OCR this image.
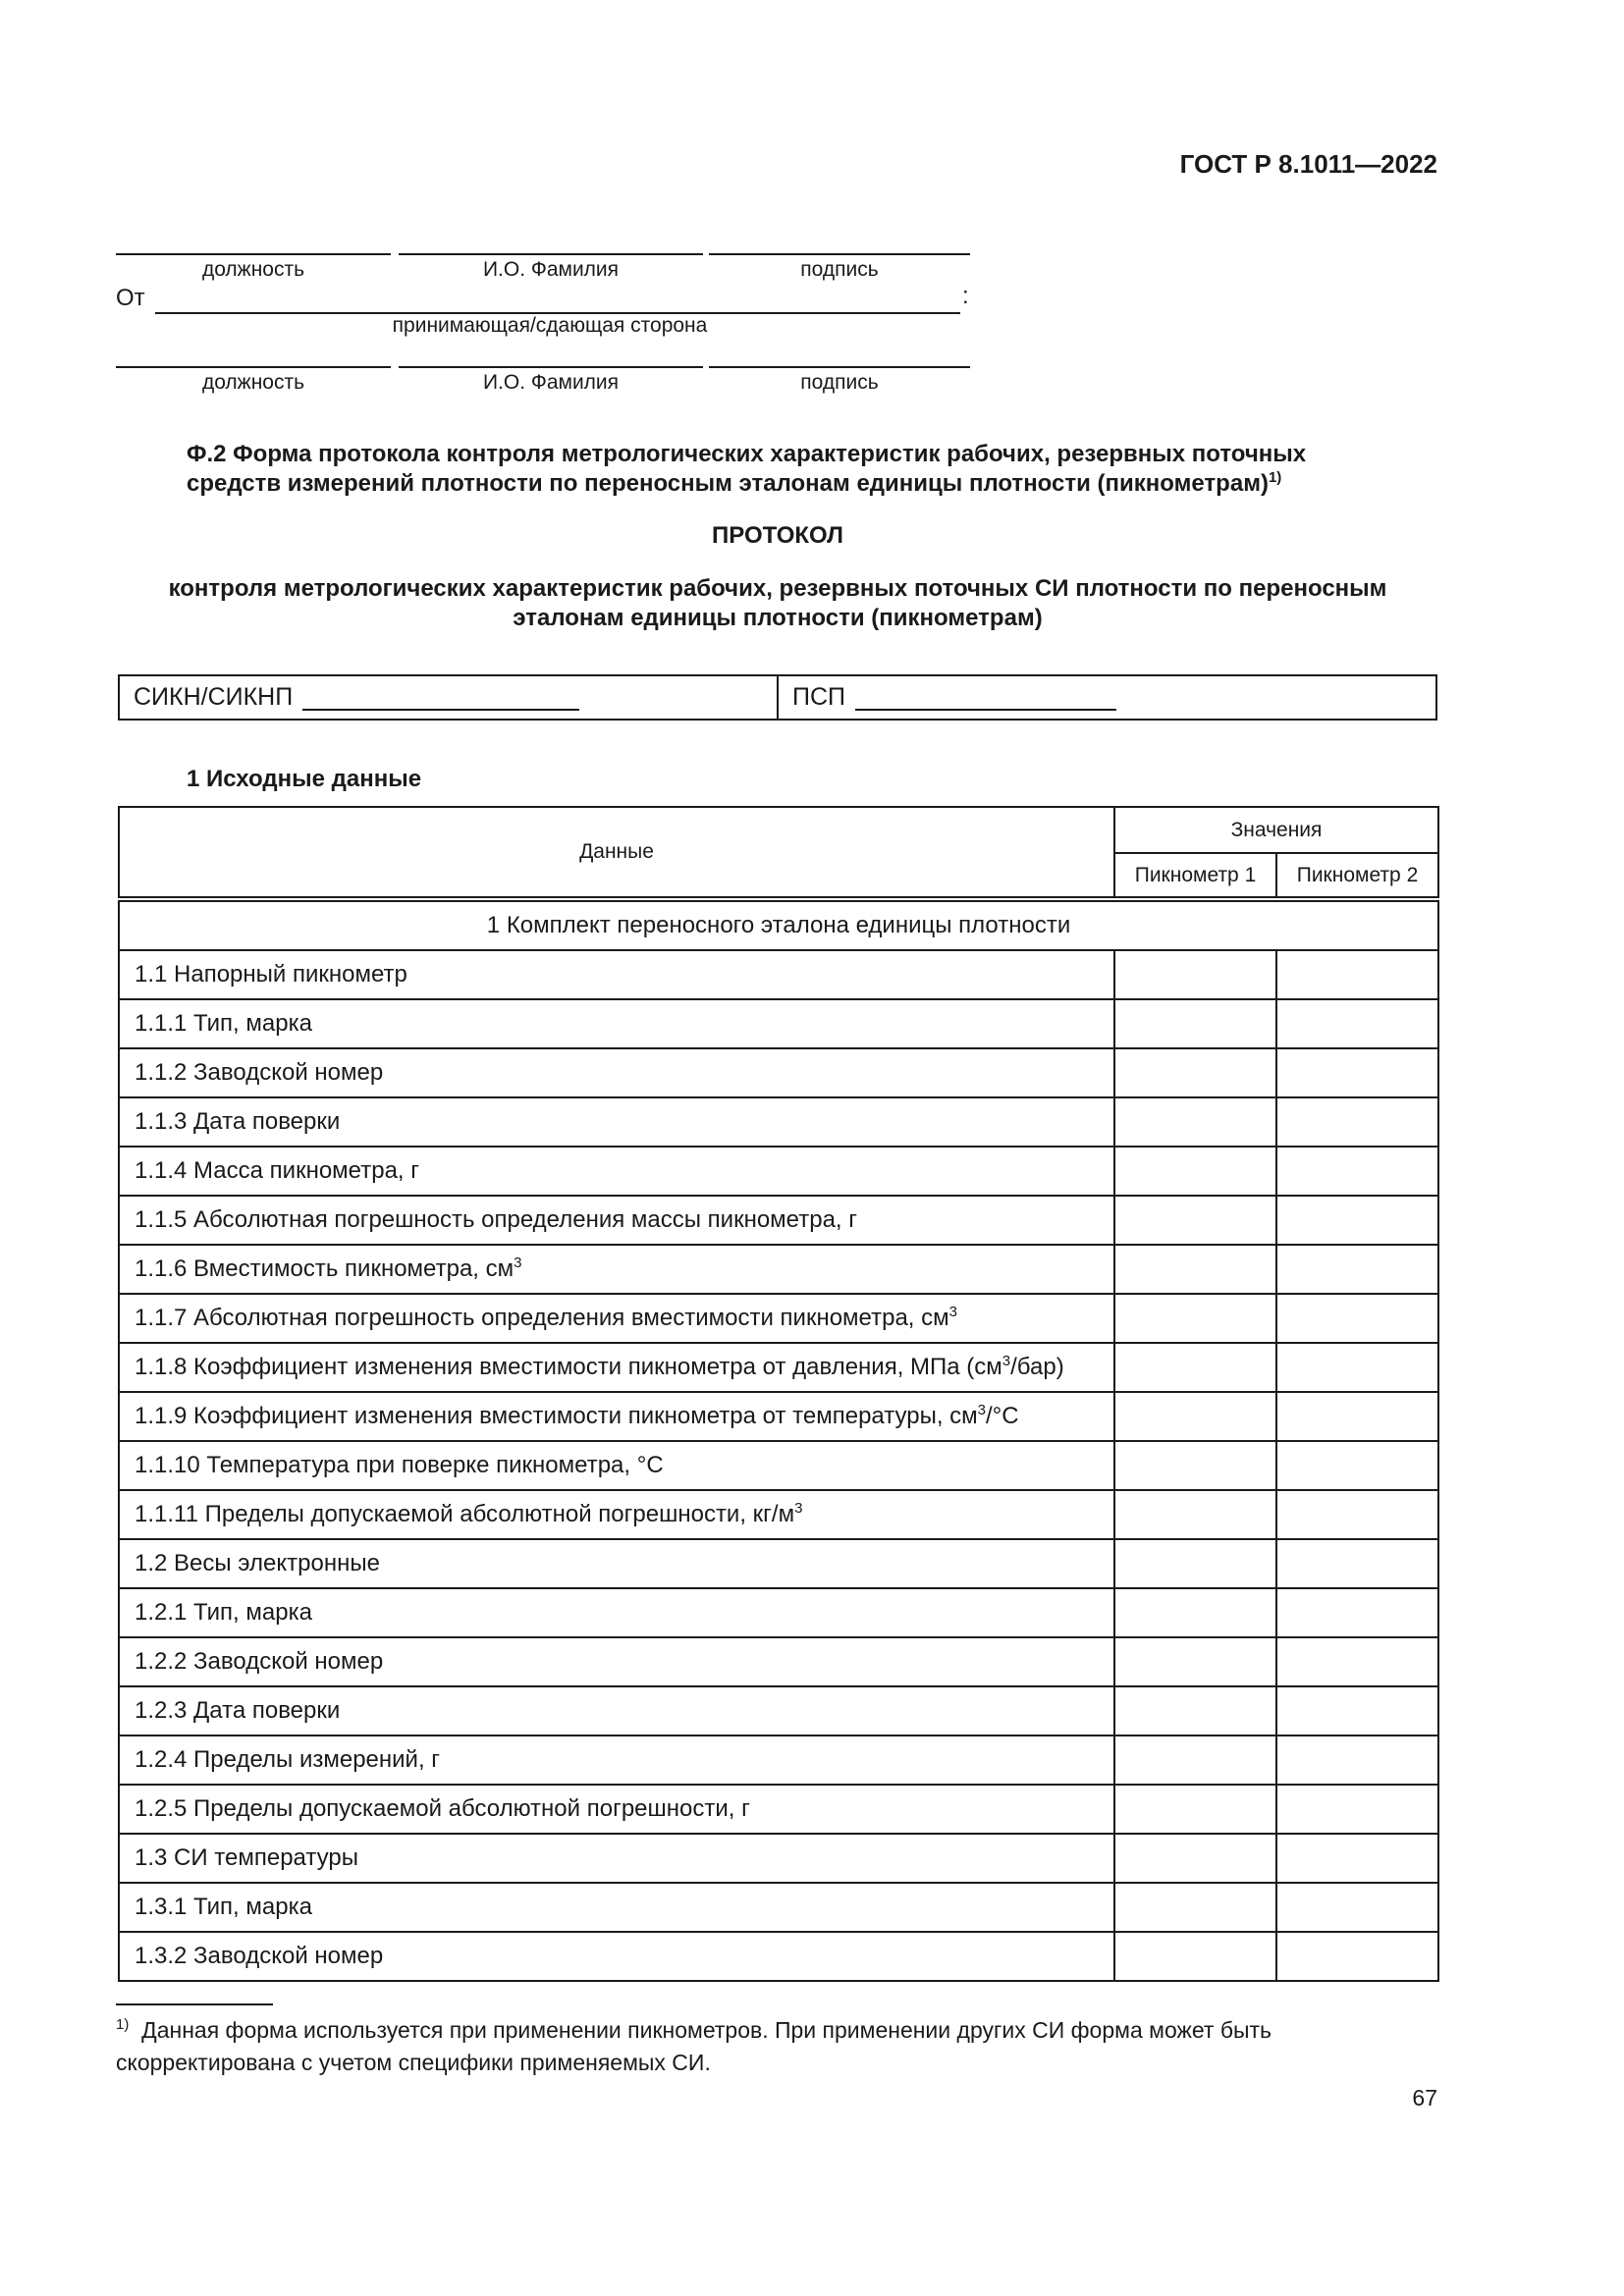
ГОСТ Р 8.1011—2022
должность	И.О. Фамилия	подпись
От	:
принимающая/сдающая сторона
должность	И.О. Фамилия	подпись
Ф.2 Форма протокола контроля метрологических характеристик рабочих, резервных поточных средств измерений плотности по переносным эталонам единицы плотности (пикнометрам)$^{1)}$
ПРОТОКОЛ
контроля метрологических характеристик рабочих, резервных поточных СИ плотности по переносным эталонам единицы плотности (пикнометрам)
СИКН/СИКНП	ПСП
1 Исходные данные
Данные	Значения	
	Пикнометр 1	Пикнометр 2
1 Комплект переносного эталона единицы плотности		
1.1 Напорный пикнометр		
1.1.1 Тип, марка		
1.1.2 Заводской номер		
1.1.3 Дата поверки		
1.1.4 Масса пикнометра, г		
1.1.5 Абсолютная погрешность определения массы пикнометра, г		
1.1.6 Вместимость пикнометра, $см^3$		
1.1.7 Абсолютная погрешность определения вместимости пикнометра, $см^3$		
1.1.8 Коэффициент изменения вместимости пикнометра от давления, МПа $(см^3/бар)$		
1.1.9 Коэффициент изменения вместимости пикнометра от температуры, $см^3/^\circ С$		
1.1.10 Температура при поверке пикнометра, °С		
1.1.11 Пределы допускаемой абсолютной погрешности, $кг/м^3$		
1.2 Весы электронные		
1.2.1 Тип, марка		
1.2.2 Заводской номер		
1.2.3 Дата поверки		
1.2.4 Пределы измерений, г		
1.2.5 Пределы допускаемой абсолютной погрешности, г		
1.3 СИ температуры		
1.3.1 Тип, марка		
1.3.2 Заводской номер		
$^{1)}$ Данная форма используется при применении пикнометров. При применении других СИ форма может быть скорректирована с учетом специфики применяемых СИ.
67
